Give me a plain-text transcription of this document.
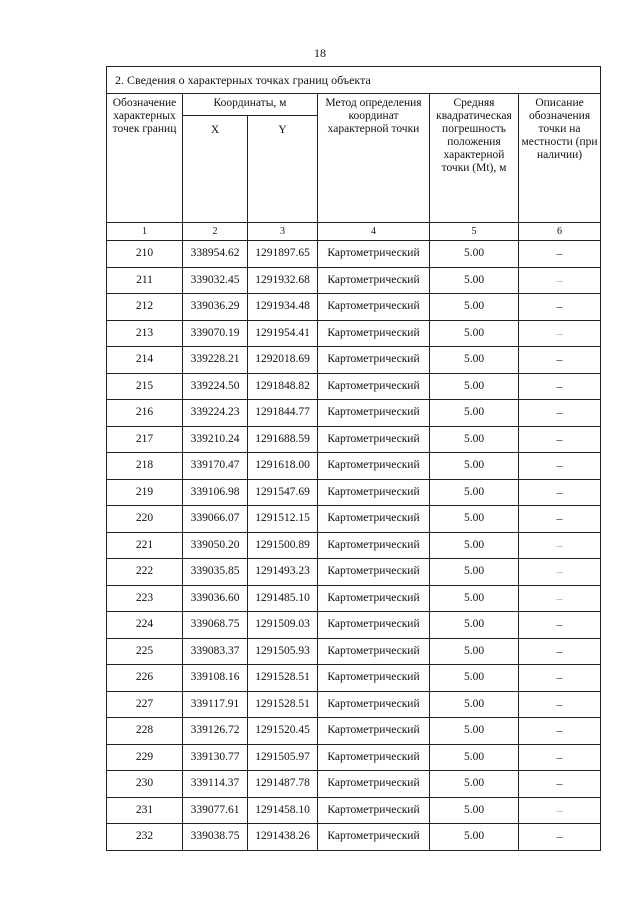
18
2. Сведения о характерных точках границ объекта					
Обозначение характерных точек границ	Координаты, м		Метод определения координат характерной точки	Средняя квадратическая погрешность положения характерной точки (Mt), м	Описание обозначения точки на местности (при наличии)
	X	Y			
1	2	3	4	5	6
210	338954.62	1291897.65	Картометрический	5.00	–
211	339032.45	1291932.68	Картометрический	5.00	–
212	339036.29	1291934.48	Картометрический	5.00	–
213	339070.19	1291954.41	Картометрический	5.00	–
214	339228.21	1292018.69	Картометрический	5.00	–
215	339224.50	1291848.82	Картометрический	5.00	–
216	339224.23	1291844.77	Картометрический	5.00	–
217	339210.24	1291688.59	Картометрический	5.00	–
218	339170.47	1291618.00	Картометрический	5.00	–
219	339106.98	1291547.69	Картометрический	5.00	–
220	339066.07	1291512.15	Картометрический	5.00	–
221	339050.20	1291500.89	Картометрический	5.00	–
222	339035.85	1291493.23	Картометрический	5.00	–
223	339036.60	1291485.10	Картометрический	5.00	–
224	339068.75	1291509.03	Картометрический	5.00	–
225	339083.37	1291505.93	Картометрический	5.00	–
226	339108.16	1291528.51	Картометрический	5.00	–
227	339117.91	1291528.51	Картометрический	5.00	–
228	339126.72	1291520.45	Картометрический	5.00	–
229	339130.77	1291505.97	Картометрический	5.00	–
230	339114.37	1291487.78	Картометрический	5.00	–
231	339077.61	1291458.10	Картометрический	5.00	–
232	339038.75	1291438.26	Картометрический	5.00	–
